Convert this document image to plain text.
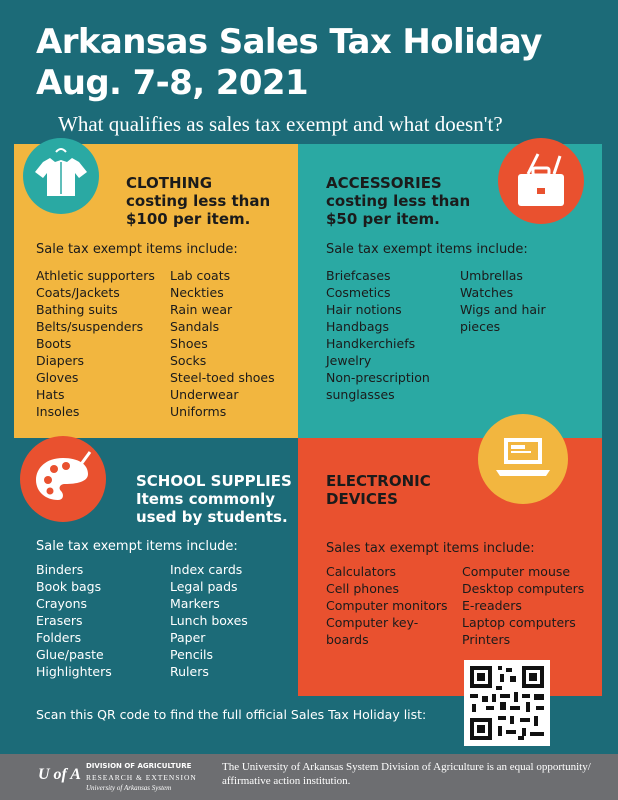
Arkansas Sales Tax Holiday
Aug. 7-8, 2021
What qualifies as sales tax exempt and what doesn't?
CLOTHING
costing less than
$100 per item.
Sale tax exempt items include:
Athletic supporters
Coats/Jackets
Bathing suits
Belts/suspenders
Boots
Diapers
Gloves
Hats
Insoles
Lab coats
Neckties
Rain wear
Sandals
Shoes
Socks
Steel-toed shoes
Underwear
Uniforms
ACCESSORIES
costing less than
$50 per item.
Sale tax exempt items include:
Briefcases
Cosmetics
Hair notions
Handbags
Handkerchiefs
Jewelry
Non-prescription
sunglasses
Umbrellas
Watches
Wigs and hair
pieces
SCHOOL SUPPLIES
Items commonly
used by students.
Sale tax exempt items include:
Binders
Book bags
Crayons
Erasers
Folders
Glue/paste
Highlighters
Index cards
Legal pads
Markers
Lunch boxes
Paper
Pencils
Rulers
ELECTRONIC
DEVICES
Sales tax exempt items include:
Calculators
Cell phones
Computer monitors
Computer key-
boards
Computer mouse
Desktop computers
E-readers
Laptop computers
Printers
Scan this QR code to find the full official Sales Tax Holiday list:
U of A DIVISION OF AGRICULTURE
RESEARCH & EXTENSION
University of Arkansas System
The University of Arkansas System Division of Agriculture is an equal opportunity/ affirmative action institution.
